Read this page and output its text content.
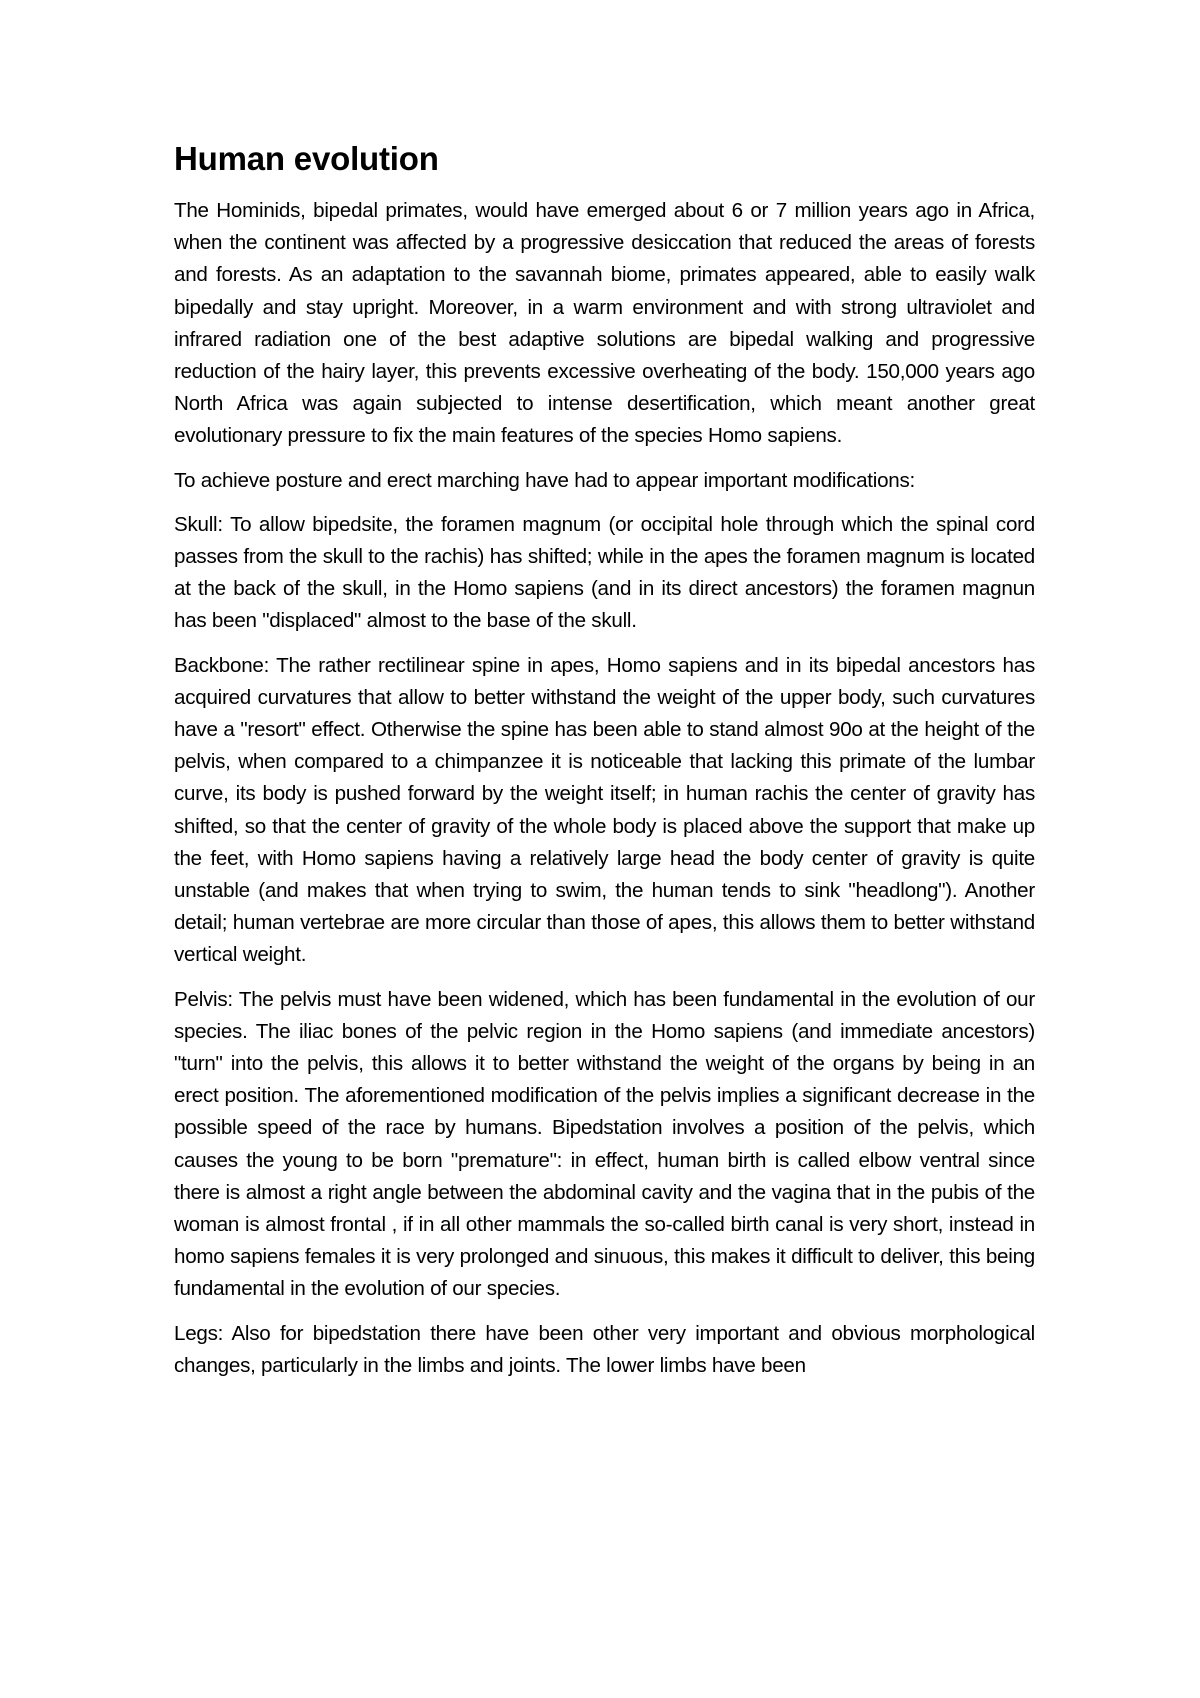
Human evolution

The Hominids, bipedal primates, would have emerged about 6 or 7 million years ago in Africa, when the continent was affected by a progressive desiccation that reduced the areas of forests and forests. As an adaptation to the savannah biome, primates appeared, able to easily walk bipedally and stay upright. Moreover, in a warm environment and with strong ultraviolet and infrared radiation one of the best adaptive solutions are bipedal walking and progressive reduction of the hairy layer, this prevents excessive overheating of the body. 150,000 years ago North Africa was again subjected to intense desertification, which meant another great evolutionary pressure to fix the main features of the species Homo sapiens.

To achieve posture and erect marching have had to appear important modifications:

Skull: To allow bipedsite, the foramen magnum (or occipital hole through which the spinal cord passes from the skull to the rachis) has shifted; while in the apes the foramen magnum is located at the back of the skull, in the Homo sapiens (and in its direct ancestors) the foramen magnun has been "displaced" almost to the base of the skull.

Backbone: The rather rectilinear spine in apes, Homo sapiens and in its bipedal ancestors has acquired curvatures that allow to better withstand the weight of the upper body, such curvatures have a "resort" effect. Otherwise the spine has been able to stand almost 90o at the height of the pelvis, when compared to a chimpanzee it is noticeable that lacking this primate of the lumbar curve, its body is pushed forward by the weight itself; in human rachis the center of gravity has shifted, so that the center of gravity of the whole body is placed above the support that make up the feet, with Homo sapiens having a relatively large head the body center of gravity is quite unstable (and makes that when trying to swim, the human tends to sink "headlong"). Another detail; human vertebrae are more circular than those of apes, this allows them to better withstand vertical weight.

Pelvis: The pelvis must have been widened, which has been fundamental in the evolution of our species. The iliac bones of the pelvic region in the Homo sapiens (and immediate ancestors) "turn" into the pelvis, this allows it to better withstand the weight of the organs by being in an erect position. The aforementioned modification of the pelvis implies a significant decrease in the possible speed of the race by humans. Bipedstation involves a position of the pelvis, which causes the young to be born "premature": in effect, human birth is called elbow ventral since there is almost a right angle between the abdominal cavity and the vagina that in the pubis of the woman is almost frontal , if in all other mammals the so-called birth canal is very short, instead in homo sapiens females it is very prolonged and sinuous, this makes it difficult to deliver, this being fundamental in the evolution of our species.

Legs: Also for bipedstation there have been other very important and obvious morphological changes, particularly in the limbs and joints. The lower limbs have been
